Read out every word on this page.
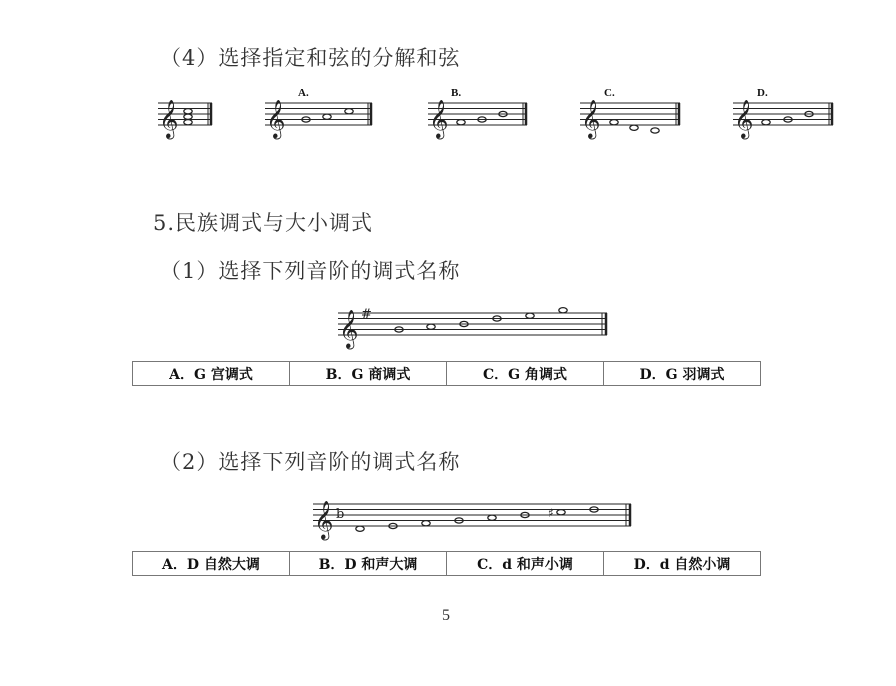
（4）选择指定和弦的分解和弦
𝄞
A.
𝄞
B.
𝄞
C.
𝄞
D.
𝄞
5.民族调式与大小调式
（1）选择下列音阶的调式名称
𝄞 #
A．G 宫调式	B．G 商调式	C．G 角调式	D．G 羽调式
（2）选择下列音阶的调式名称
𝄞 b	♯
A．D 自然大调	B．D 和声大调	C．d 和声小调	D．d 自然小调
5
